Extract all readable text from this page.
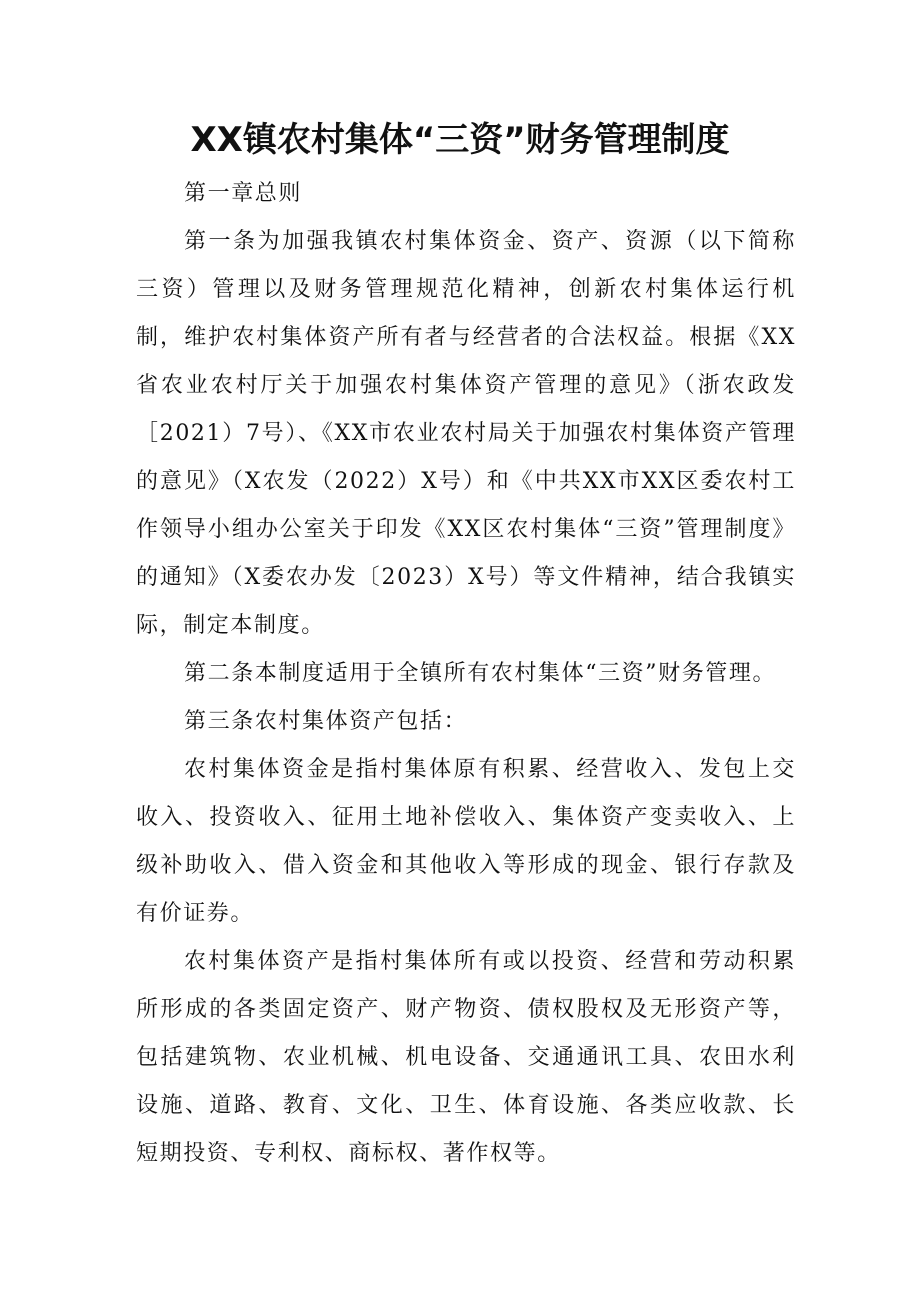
XX镇农村集体“三资”财务管理制度

第一章总则

第一条为加强我镇农村集体资金、资产、资源（以下简称三资）管理以及财务管理规范化精神，创新农村集体运行机制，维护农村集体资产所有者与经营者的合法权益。根据《XX省农业农村厅关于加强农村集体资产管理的意见》（浙农政发［2021）7号）、《XX市农业农村局关于加强农村集体资产管理的意见》（X农发（2022）X号）和《中共XX市XX区委农村工作领导小组办公室关于印发《XX区农村集体“三资”管理制度》的通知》（X委农办发〔2023）X号）等文件精神，结合我镇实际，制定本制度。

第二条本制度适用于全镇所有农村集体“三资”财务管理。

第三条农村集体资产包括：

农村集体资金是指村集体原有积累、经营收入、发包上交收入、投资收入、征用土地补偿收入、集体资产变卖收入、上级补助收入、借入资金和其他收入等形成的现金、银行存款及有价证券。

农村集体资产是指村集体所有或以投资、经营和劳动积累所形成的各类固定资产、财产物资、债权股权及无形资产等，包括建筑物、农业机械、机电设备、交通通讯工具、农田水利设施、道路、教育、文化、卫生、体育设施、各类应收款、长短期投资、专利权、商标权、著作权等。
